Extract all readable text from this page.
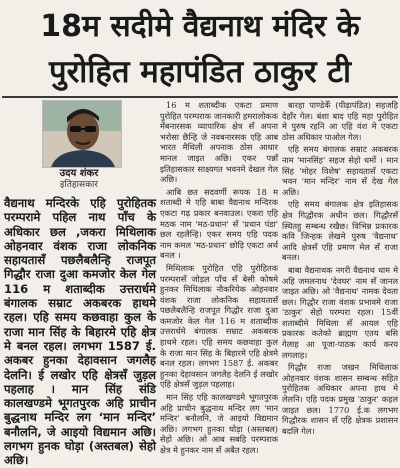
18म सदीमे वैद्यनाथ मंदिर के
पुरोहित महापंडित ठाकुर टी
उदय शंकर
इतिहासकार
वैद्यनाथ मन्दिरके एहि पुरोहितक परम्परामे पहिल नाथ पाँच के अधिकार छल ,जकरा मिथिलाक ओहनवार वंशक राजा लोकनिक सहायतासँ पछलैबलैन्हि राजपूत गिद्धौर राजा दुआ कमजोर केल गेल 116 म शताब्दीक उत्तरार्धमे बंगालक सम्राट अकबरक हाथमे रहल। एहि समय कछवाहा कुल के राजा मान सिंह के बिहारमे एहि क्षेत्र मे बनल रहल। लगभग 1587 ई. अकबर हुनका देहावसान जगलैह देलनि। ई लखोर एहि क्षेत्रसँ जुड़ल पहलाह । मान सिंह संडि कालखण्डमे भूगतपुरक अहि प्राचीन बुद्धनाथ मन्दिर लग ‘मान मन्दिर’ बनौलनि, जे आइयो विद्यमान अछि। लगभग हुनक घोड़ा (अस्तबल) सेहो अछि।

16 म शताब्दीक एकटा प्रमाण पुरोहित परम्पराक जानकारी हमरालोकक मेंबनारसक व्यापारिक क्षेत्र सँ अपना भरोसा छैन्हि जे नवबनारसक एहि आब भारत मैथिली अपनाक ठोस आधार मानल जाइत अछि। एकर पन्नाँ इतिहासकार साक्ष्यगत भवनमे देखल गेल अछि।

आबि छत सदवर्णी रूपक 18 म शताब्दी मे एहि बाबा वैद्यनाथ मन्दिरक एकटा गढ़ प्रकार बनवाउल। एकरा एहि मठक नाम 'मठ-प्रधान' सँ 'प्रधान पंडा' छल रहलैन्हि। एकर समय एहि पदक नाम कमल 'मठ-प्रधान' छोड़ि एकटा अर्थ बनल ।

मिथिलाक पुरोहित एहि पुरोहितक परम्परासँ जोड़ल पाँच सँ बेसी कोषमे हुनकर मिथिलाक नौकरियेक ओहनवार वंशक राजा लोकनिक सहायतासँ पछलैबलैन्हि राजपूत गिद्धौर राजा दुआ कमजोर केल गेल 116 म शताब्दीक उत्तरार्धमे बंगालक सम्राट अकबरक हाथमे रहल। एहि समय कछवाहा कुल के राजा मान सिंह के बिहारमे एहि क्षेत्रमे बनल रहल। लगभग 1587 ई. अकबर हुनका देहावसान जगलैह देलनि ई लखोर एहि क्षेत्रसँ जुड़ल पहलाह।

मान सिंह एहि कालखण्डमे भूगतपुरक अहि प्राचीन बुद्धनाथ मन्दिर लग 'मान मन्दिर' बनौलनि, जे आइयो विद्यमान अछि। लगभग हुनका घोड़ा (अस्तबल) सेहो अछि। ओ आब सबहि परम्पराक क्षेत्र मे हुनकर नाम सँ अबैत रहल।

बारहा पाण्डेकेँ (पीढ़ापंडित) सहजहि देहाँर गेल। बंशा बाद एहि महा पुरोहित मे पुरुष रहनि आ एहि वंश मे एकटा ठोस अधिकार पाओल गेल।

एहि समय बंगालक सम्राट अकबरक नाम 'मानसिंह' सहज सेहो धर्मो । मान सिंह 'मोहर विशेष' सहायतासँ एकटा भवन 'मान मन्दिर' नाम सँ देख गेल अछि।

एहि समय बंगालक क्षेत्र इतिहासक क्षेत्र गिद्धौरक अधीन छल। गिद्धौरसँ स्थितहु सम्बन्ध रखैछ। विभिन्न प्रकारक कवि जिन्हक लेखमे पुरुष 'वैद्यनाथ' आदि क्षेत्रसँ एहि प्रमाण मेल सँ राजा बनल।

बाबा वैद्यनाथक नगरी वैद्यनाथ धाम मे अहि जमलनाथ 'देवघर' नाम सँ जानल जाइत अछि। ओ 'वैद्यनाथ' नामक देवता छल। गिद्धौर राजा वंशक प्रभावमे राजा 'ठाकुर' सेहो परम्परा रहल। 15वीं शताब्दीमे मिथिला सँ आयल एहि प्रकारक कतेको ब्राह्मण एतय बसि गेलाह आ पूजा-पाठक कार्य करय लगलाह।

गिद्धौर राजा जखन मिथिलाक ओहनवार वंशक शासन सम्बन्ध सहित पुरोहितक अधिकार अपना हाथ मे लेलनि। एहि पदक प्रमुख 'ठाकुर' कहल जाइत छल। 1770 ई.क लगभग गिद्धौरक शासन सँ एहि क्षेत्रक प्रशासन बदलि गेल।
